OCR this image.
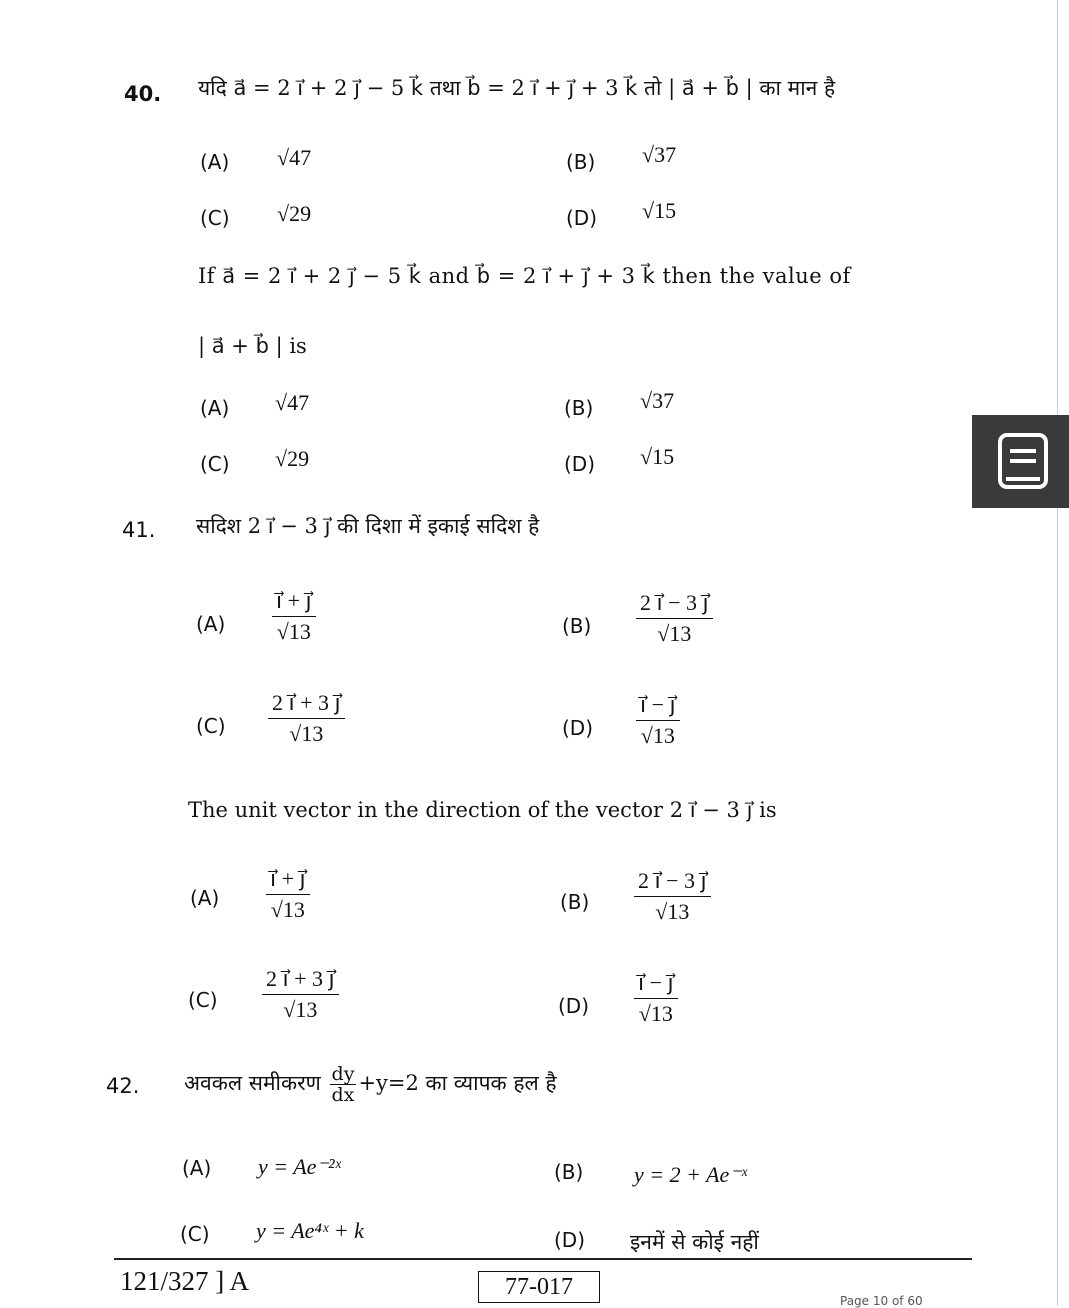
40. यदि a⃗ = 2 i⃗ + 2 j⃗ − 5 k⃗ तथा b⃗ = 2 i⃗ + j⃗ + 3 k⃗ तो | a⃗ + b⃗ | का मान है
(A) √47	(B) √37
(C) √29	(D) √15
If a⃗ = 2 i⃗ + 2 j⃗ − 5 k⃗ and b⃗ = 2 i⃗ + j⃗ + 3 k⃗ then the value of
| a⃗ + b⃗ | is
(A) √47	(B) √37
(C) √29	(D) √15
41. सदिश 2 i⃗ − 3 j⃗ की दिशा में इकाई सदिश है
$(A) \frac{i⃗ + j⃗}{√13}$	$(B) \frac{2 i⃗ - 3 j⃗}{√13}$
$(C) \frac{2 i⃗ + 3 j⃗}{√13}$	$(D) \frac{i⃗ - j⃗}{√13}$
The unit vector in the direction of the vector 2 i⃗ − 3 j⃗ is
$(A) \frac{i⃗ + j⃗}{√13}$	$(B) \frac{2 i⃗ - 3 j⃗}{√13}$
$(C) \frac{2 i⃗ + 3 j⃗}{√13}$	$(D) \frac{i⃗ - j⃗}{√13}$
42. अवकल समीकरण $\frac{dy}{dx} +y=2$ का व्यापक हल है
(A) y = Ae⁻²ˣ	(B) y = 2 + Ae⁻ˣ
(C) y = Ae⁴ˣ + k	(D) इनमें से कोई नहीं
121/327 ] A	77-017
Page 10 of 60
